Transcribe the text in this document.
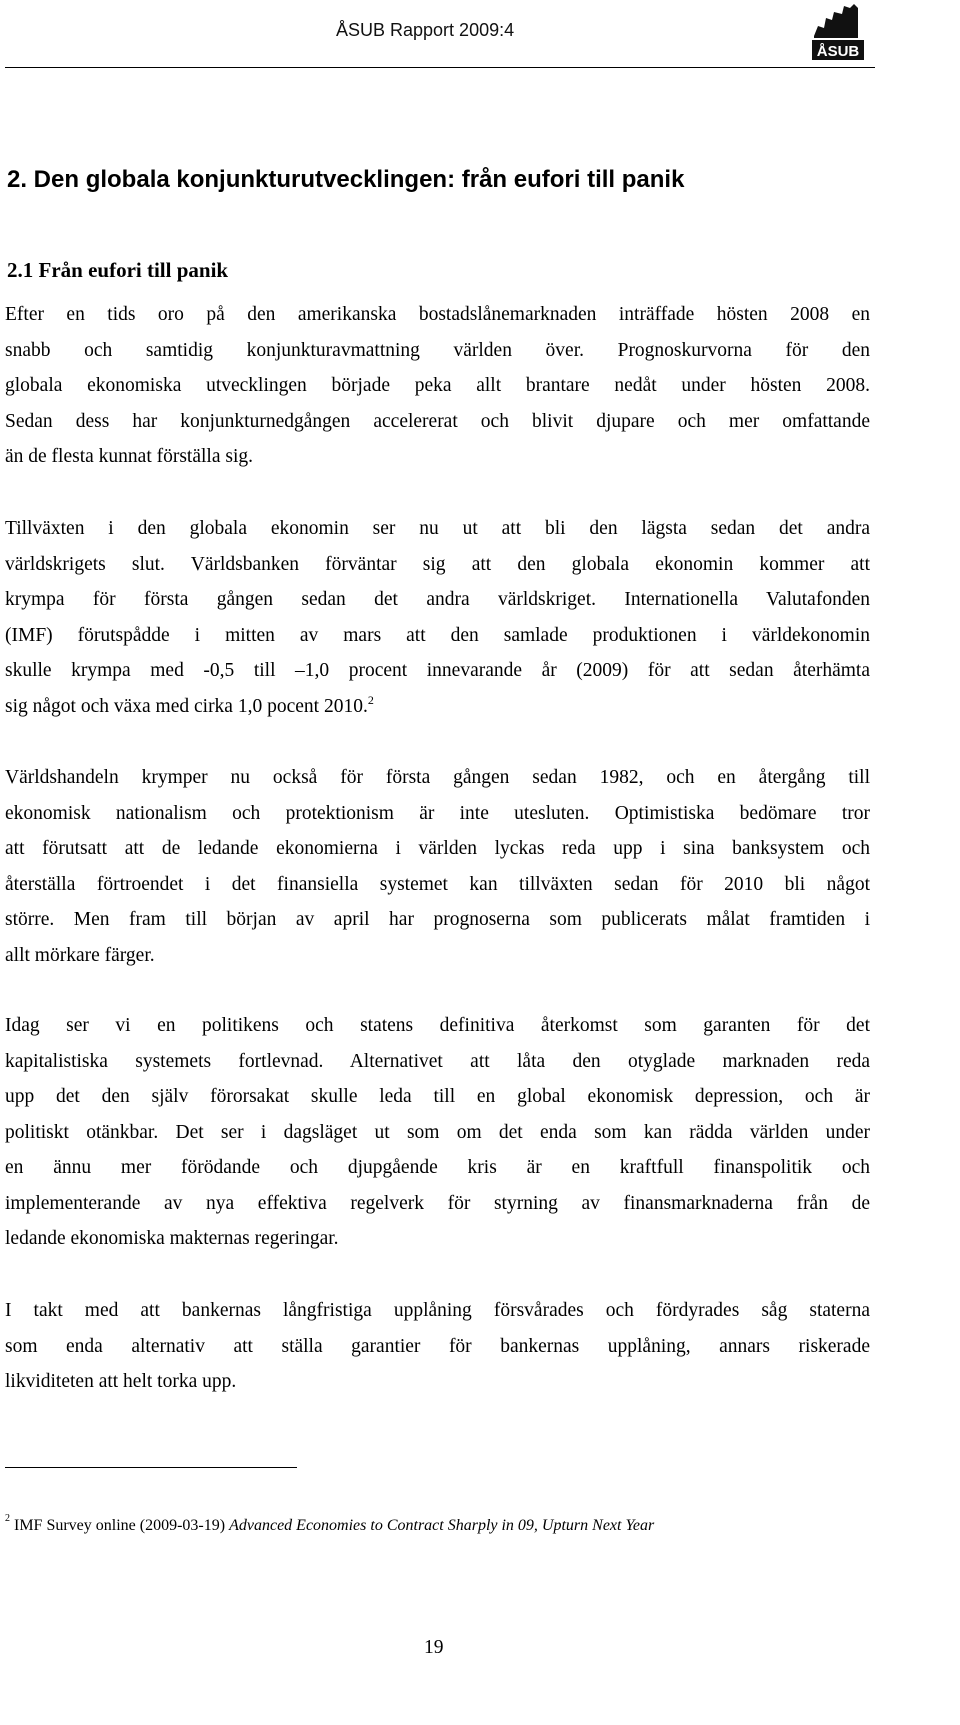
ÅSUB Rapport 2009:4
ÅSUB
2. Den globala konjunkturutvecklingen: från eufori till panik
2.1 Från eufori till panik

Efter en tids oro på den amerikanska bostadslånemarknaden inträffade hösten 2008 en
snabb och samtidig konjunkturavmattning världen över. Prognoskurvorna för den
globala ekonomiska utvecklingen började peka allt brantare nedåt under hösten 2008.
Sedan dess har konjunkturnedgången accelererat och blivit djupare och mer omfattande
än de flesta kunnat förställa sig.

Tillväxten i den globala ekonomin ser nu ut att bli den lägsta sedan det andra
världskrigets slut. Världsbanken förväntar sig att den globala ekonomin kommer att
krympa för första gången sedan det andra världskriget. Internationella Valutafonden
(IMF) förutspådde i mitten av mars att den samlade produktionen i världekonomin
skulle krympa med -0,5 till –1,0 procent innevarande år (2009) för att sedan återhämta
sig något och växa med cirka 1,0 pocent 2010.$^2$

Världshandeln krymper nu också för första gången sedan 1982, och en återgång till
ekonomisk nationalism och protektionism är inte utesluten. Optimistiska bedömare tror
att förutsatt att de ledande ekonomierna i världen lyckas reda upp i sina banksystem och
återställa förtroendet i det finansiella systemet kan tillväxten sedan för 2010 bli något
större. Men fram till början av april har prognoserna som publicerats målat framtiden i
allt mörkare färger.

Idag ser vi en politikens och statens definitiva återkomst som garanten för det
kapitalistiska systemets fortlevnad. Alternativet att låta den otyglade marknaden reda
upp det den själv förorsakat skulle leda till en global ekonomisk depression, och är
politiskt otänkbar. Det ser i dagsläget ut som om det enda som kan rädda världen under
en ännu mer förödande och djupgående kris är en kraftfull finanspolitik och
implementerande av nya effektiva regelverk för styrning av finansmarknaderna från de
ledande ekonomiska makternas regeringar.

I takt med att bankernas långfristiga upplåning försvårades och fördyrades såg staterna
som enda alternativ att ställa garantier för bankernas upplåning, annars riskerade
likviditeten att helt torka upp.

$^2$ IMF Survey online (2009-03-19) Advanced Economies to Contract Sharply in 09, Upturn Next Year

19
